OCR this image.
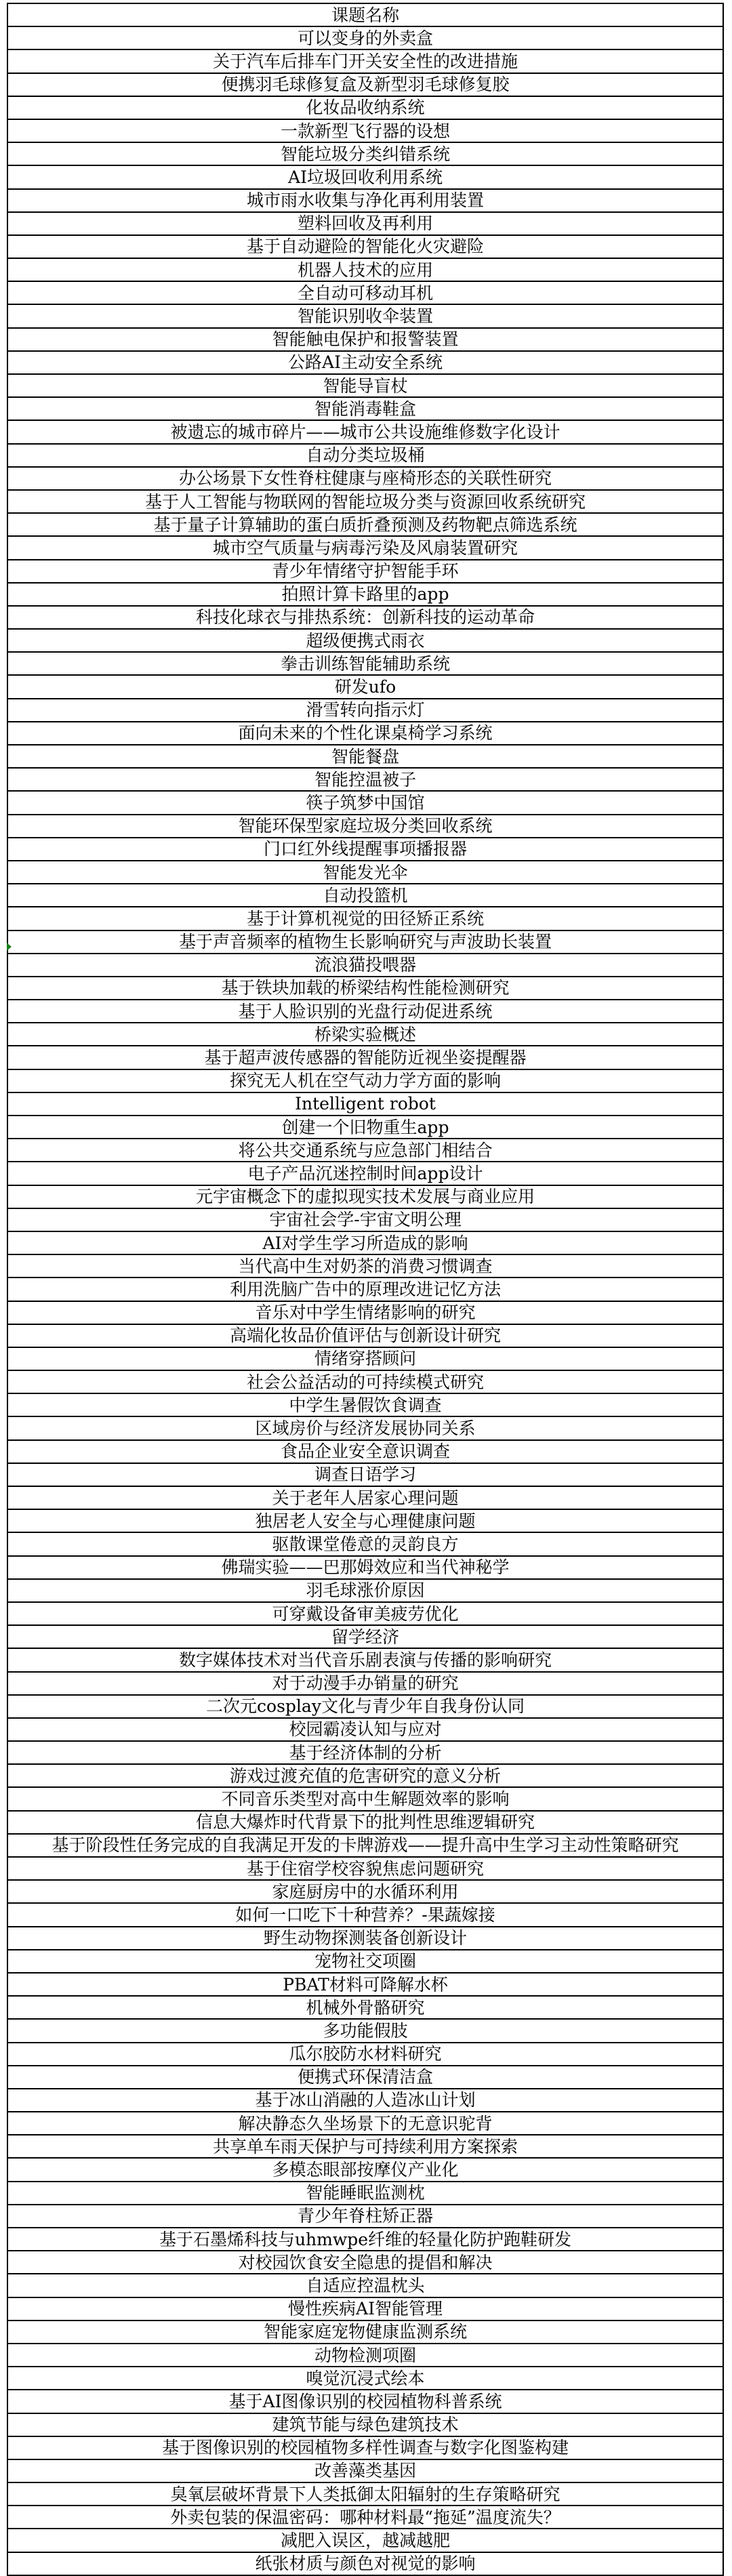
课题名称
可以变身的外卖盒
关于汽车后排车门开关安全性的改进措施
便携羽毛球修复盒及新型羽毛球修复胶
化妆品收纳系统
一款新型飞行器的设想
智能垃圾分类纠错系统
AI垃圾回收利用系统
城市雨水收集与净化再利用装置
塑料回收及再利用
基于自动避险的智能化火灾避险
机器人技术的应用
全自动可移动耳机
智能识别收伞装置
智能触电保护和报警装置
公路AI主动安全系统
智能导盲杖
智能消毒鞋盒
被遗忘的城市碎片——城市公共设施维修数字化设计
自动分类垃圾桶
办公场景下女性脊柱健康与座椅形态的关联性研究
基于人工智能与物联网的智能垃圾分类与资源回收系统研究
基于量子计算辅助的蛋白质折叠预测及药物靶点筛选系统
城市空气质量与病毒污染及风扇装置研究
青少年情绪守护智能手环
拍照计算卡路里的app
科技化球衣与排热系统：创新科技的运动革命
超级便携式雨衣
拳击训练智能辅助系统
研发ufo
滑雪转向指示灯
面向未来的个性化课桌椅学习系统
智能餐盘
智能控温被子
筷子筑梦中国馆
智能环保型家庭垃圾分类回收系统
门口红外线提醒事项播报器
智能发光伞
自动投篮机
基于计算机视觉的田径矫正系统
基于声音频率的植物生长影响研究与声波助长装置
流浪猫投喂器
基于铁块加载的桥梁结构性能检测研究
基于人脸识别的光盘行动促进系统
桥梁实验概述
基于超声波传感器的智能防近视坐姿提醒器
探究无人机在空气动力学方面的影响
Intelligent robot
创建一个旧物重生app
将公共交通系统与应急部门相结合
电子产品沉迷控制时间app设计
元宇宙概念下的虚拟现实技术发展与商业应用
宇宙社会学-宇宙文明公理
AI对学生学习所造成的影响
当代高中生对奶茶的消费习惯调查
利用洗脑广告中的原理改进记忆方法
音乐对中学生情绪影响的研究
高端化妆品价值评估与创新设计研究
情绪穿搭顾问
社会公益活动的可持续模式研究
中学生暑假饮食调查
区域房价与经济发展协同关系
食品企业安全意识调查
调查日语学习
关于老年人居家心理问题
独居老人安全与心理健康问题
驱散课堂倦意的灵韵良方
佛瑞实验——巴那姆效应和当代神秘学
羽毛球涨价原因
可穿戴设备审美疲劳优化
留学经济
数字媒体技术对当代音乐剧表演与传播的影响研究
对于动漫手办销量的研究
二次元cosplay文化与青少年自我身份认同
校园霸凌认知与应对
基于经济体制的分析
游戏过渡充值的危害研究的意义分析
不同音乐类型对高中生解题效率的影响
信息大爆炸时代背景下的批判性思维逻辑研究
基于阶段性任务完成的自我满足开发的卡牌游戏——提升高中生学习主动性策略研究
基于住宿学校容貌焦虑问题研究
家庭厨房中的水循环利用
如何一口吃下十种营养？-果蔬嫁接
野生动物探测装备创新设计
宠物社交项圈
PBAT材料可降解水杯
机械外骨骼研究
多功能假肢
瓜尔胶防水材料研究
便携式环保清洁盒
基于冰山消融的人造冰山计划
解决静态久坐场景下的无意识驼背
共享单车雨天保护与可持续利用方案探索
多模态眼部按摩仪产业化
智能睡眠监测枕
青少年脊柱矫正器
基于石墨烯科技与uhmwpe纤维的轻量化防护跑鞋研发
对校园饮食安全隐患的提倡和解决
自适应控温枕头
慢性疾病AI智能管理
智能家庭宠物健康监测系统
动物检测项圈
嗅觉沉浸式绘本
基于AI图像识别的校园植物科普系统
建筑节能与绿色建筑技术
基于图像识别的校园植物多样性调查与数字化图鉴构建
改善藻类基因
臭氧层破坏背景下人类抵御太阳辐射的生存策略研究
外卖包装的保温密码：哪种材料最“拖延”温度流失？
减肥入误区，越减越肥
纸张材质与颜色对视觉的影响
